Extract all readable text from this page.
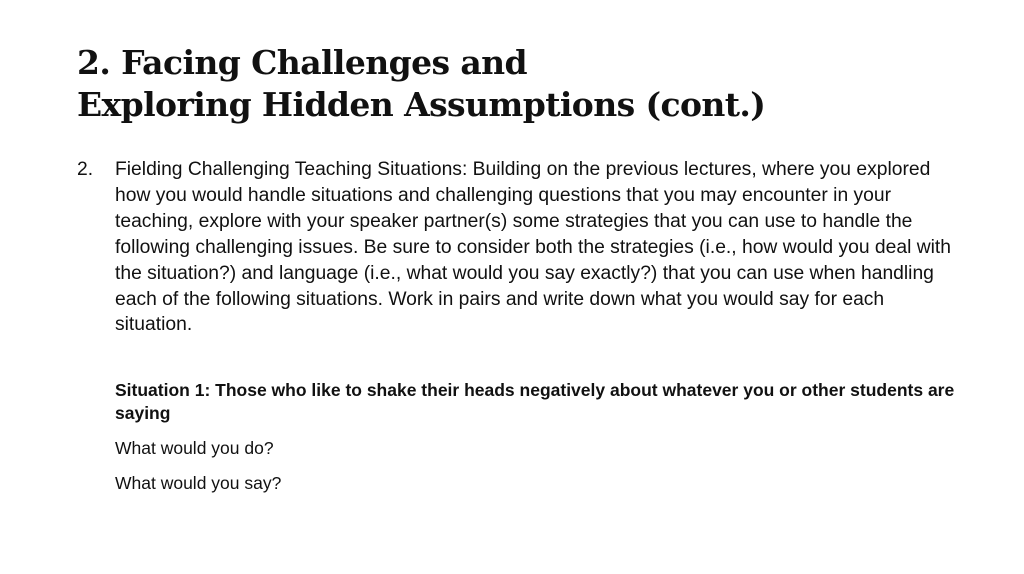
2. Facing Challenges and
Exploring Hidden Assumptions (cont.)
2.	Fielding Challenging Teaching Situations: Building on the previous lectures, where you explored how you would handle situations and challenging questions that you may encounter in your teaching, explore with your speaker partner(s) some strategies that you can use to handle the following challenging issues. Be sure to consider both the strategies (i.e., how would you deal with the situation?) and language (i.e., what would you say exactly?) that you can use when handling each of the following situations. Work in pairs and write down what you would say for each situation.

Situation 1: Those who like to shake their heads negatively about whatever you or other students are saying

What would you do?

What would you say?
